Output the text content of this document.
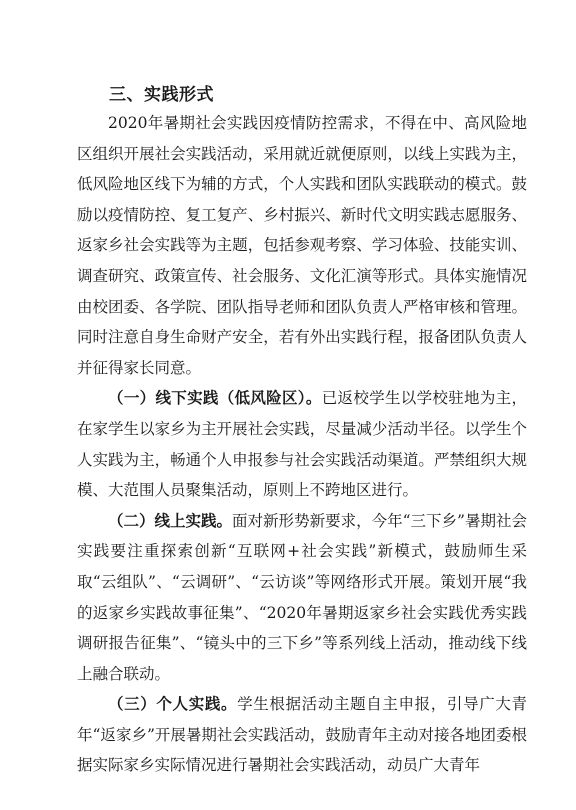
三、实践形式

2020年暑期社会实践因疫情防控需求，不得在中、高风险地区组织开展社会实践活动，采用就近就便原则，以线上实践为主，低风险地区线下为辅的方式，个人实践和团队实践联动的模式。鼓励以疫情防控、复工复产、乡村振兴、新时代文明实践志愿服务、返家乡社会实践等为主题，包括参观考察、学习体验、技能实训、调查研究、政策宣传、社会服务、文化汇演等形式。具体实施情况由校团委、各学院、团队指导老师和团队负责人严格审核和管理。同时注意自身生命财产安全，若有外出实践行程，报备团队负责人并征得家长同意。

（一）线下实践（低风险区）。已返校学生以学校驻地为主，在家学生以家乡为主开展社会实践，尽量减少活动半径。以学生个人实践为主，畅通个人申报参与社会实践活动渠道。严禁组织大规模、大范围人员聚集活动，原则上不跨地区进行。

（二）线上实践。面对新形势新要求，今年“三下乡”暑期社会实践要注重探索创新“互联网+社会实践”新模式，鼓励师生采取“云组队”、“云调研”、“云访谈”等网络形式开展。策划开展“我的返家乡实践故事征集”、“2020年暑期返家乡社会实践优秀实践调研报告征集”、“镜头中的三下乡”等系列线上活动，推动线下线上融合联动。

（三）个人实践。学生根据活动主题自主申报，引导广大青年“返家乡”开展暑期社会实践活动，鼓励青年主动对接各地团委根据实际家乡实际情况进行暑期社会实践活动，动员广大青年
